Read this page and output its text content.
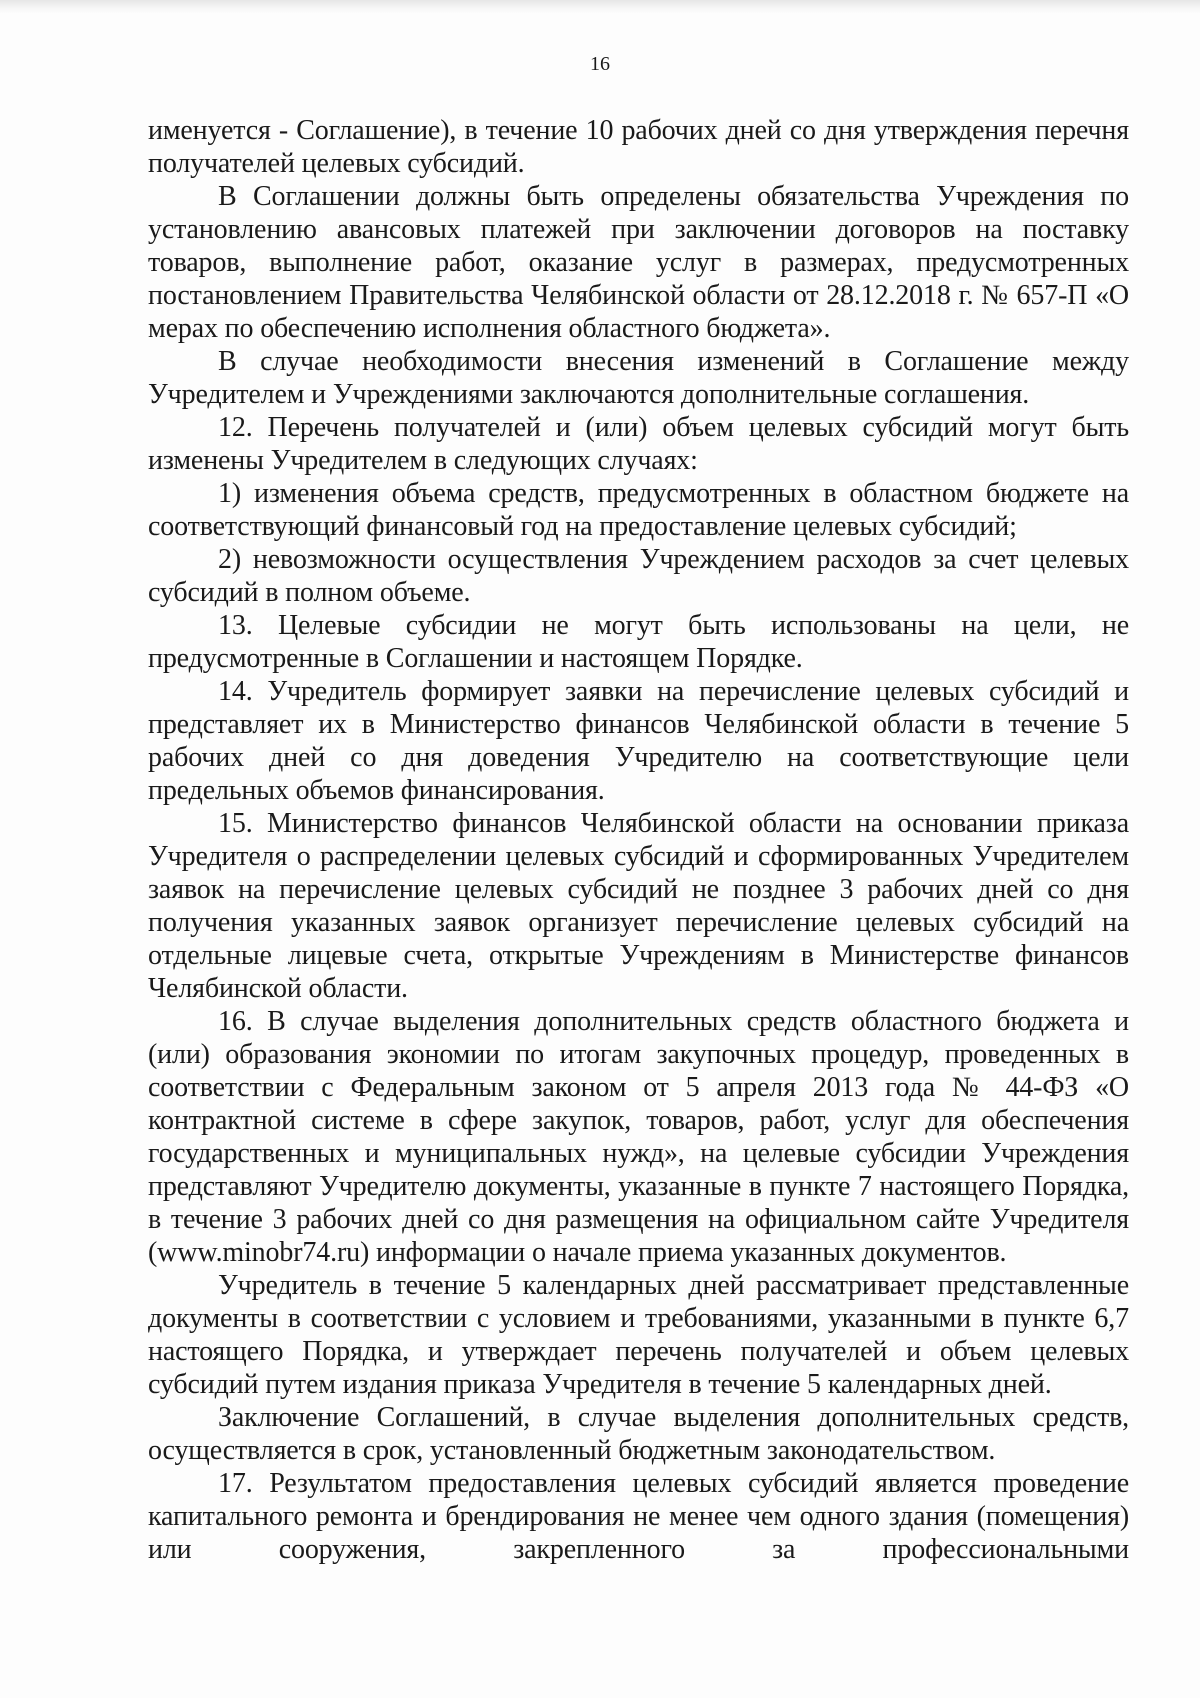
16

именуется - Соглашение), в течение 10 рабочих дней со дня утверждения перечня получателей целевых субсидий.

В Соглашении должны быть определены обязательства Учреждения по установлению авансовых платежей при заключении договоров на поставку товаров, выполнение работ, оказание услуг в размерах, предусмотренных постановлением Правительства Челябинской области от 28.12.2018 г. № 657-П «О мерах по обеспечению исполнения областного бюджета».

В случае необходимости внесения изменений в Соглашение между Учредителем и Учреждениями заключаются дополнительные соглашения.

12. Перечень получателей и (или) объем целевых субсидий могут быть изменены Учредителем в следующих случаях:

1) изменения объема средств, предусмотренных в областном бюджете на соответствующий финансовый год на предоставление целевых субсидий;

2) невозможности осуществления Учреждением расходов за счет целевых субсидий в полном объеме.

13. Целевые субсидии не могут быть использованы на цели, не предусмотренные в Соглашении и настоящем Порядке.

14. Учредитель формирует заявки на перечисление целевых субсидий и представляет их в Министерство финансов Челябинской области в течение 5 рабочих дней со дня доведения Учредителю на соответствующие цели предельных объемов финансирования.

15. Министерство финансов Челябинской области на основании приказа Учредителя о распределении целевых субсидий и сформированных Учредителем заявок на перечисление целевых субсидий не позднее 3 рабочих дней со дня получения указанных заявок организует перечисление целевых субсидий на отдельные лицевые счета, открытые Учреждениям в Министерстве финансов Челябинской области.

16. В случае выделения дополнительных средств областного бюджета и (или) образования экономии по итогам закупочных процедур, проведенных в соответствии с Федеральным законом от 5 апреля 2013 года № 44-ФЗ «О контрактной системе в сфере закупок, товаров, работ, услуг для обеспечения государственных и муниципальных нужд», на целевые субсидии Учреждения представляют Учредителю документы, указанные в пункте 7 настоящего Порядка, в течение 3 рабочих дней со дня размещения на официальном сайте Учредителя (www.minobr74.ru) информации о начале приема указанных документов.

Учредитель в течение 5 календарных дней рассматривает представленные документы в соответствии с условием и требованиями, указанными в пункте 6,7 настоящего Порядка, и утверждает перечень получателей и объем целевых субсидий путем издания приказа Учредителя в течение 5 календарных дней.

Заключение Соглашений, в случае выделения дополнительных средств, осуществляется в срок, установленный бюджетным законодательством.

17. Результатом предоставления целевых субсидий является проведение капитального ремонта и брендирования не менее чем одного здания (помещения) или сооружения, закрепленного за профессиональными
